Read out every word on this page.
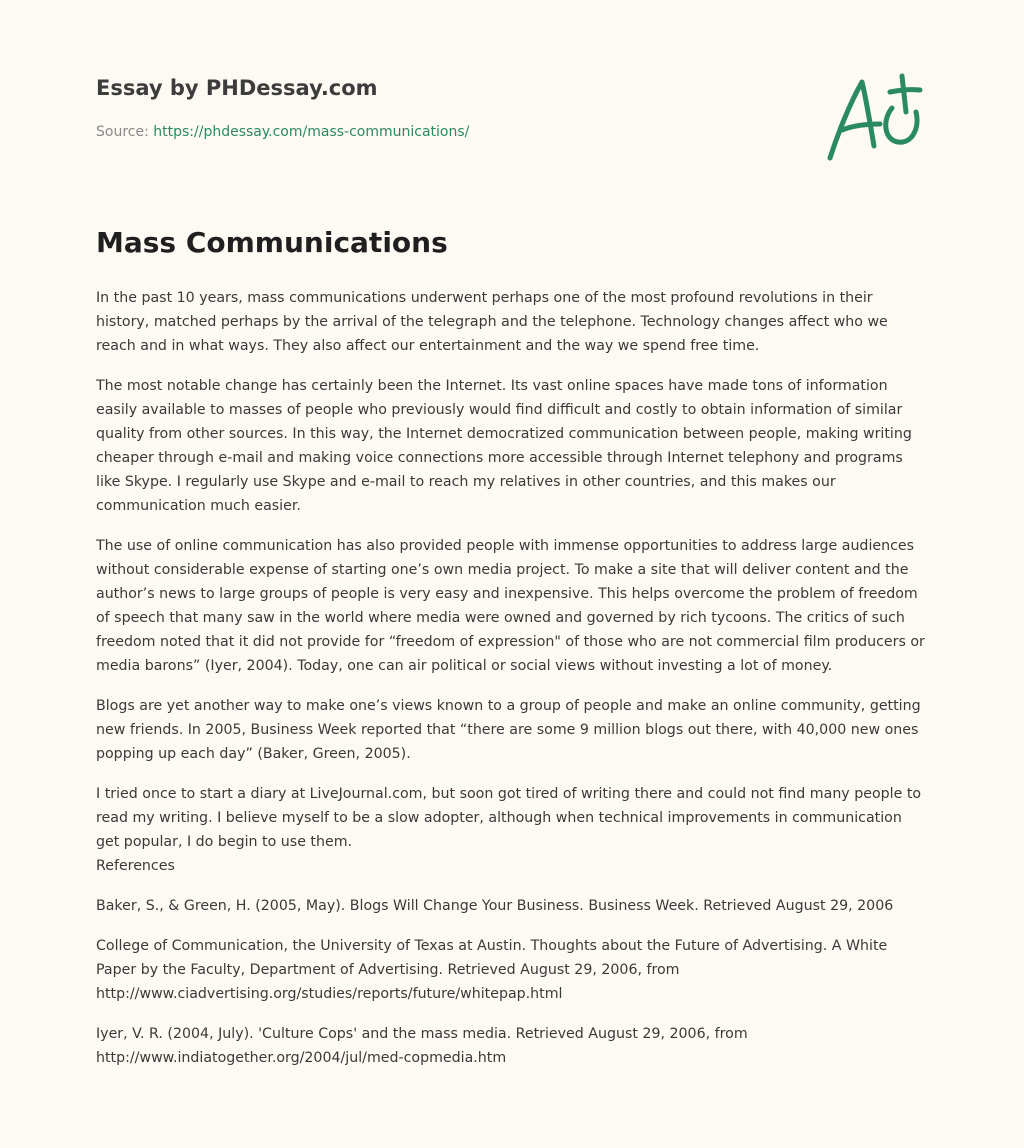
Essay by PHDessay.com
Source: https://phdessay.com/mass-communications/
Mass Communications

In the past 10 years, mass communications underwent perhaps one of the most profound revolutions in their history, matched perhaps by the arrival of the telegraph and the telephone. Technology changes affect who we reach and in what ways. They also affect our entertainment and the way we spend free time.

The most notable change has certainly been the Internet. Its vast online spaces have made tons of information easily available to masses of people who previously would find difficult and costly to obtain information of similar quality from other sources. In this way, the Internet democratized communication between people, making writing cheaper through e-mail and making voice connections more accessible through Internet telephony and programs like Skype. I regularly use Skype and e-mail to reach my relatives in other countries, and this makes our communication much easier.

The use of online communication has also provided people with immense opportunities to address large audiences without considerable expense of starting one’s own media project. To make a site that will deliver content and the author’s news to large groups of people is very easy and inexpensive. This helps overcome the problem of freedom of speech that many saw in the world where media were owned and governed by rich tycoons. The critics of such freedom noted that it did not provide for “freedom of expression" of those who are not commercial film producers or media barons” (Iyer, 2004). Today, one can air political or social views without investing a lot of money.

Blogs are yet another way to make one’s views known to a group of people and make an online community, getting new friends. In 2005, Business Week reported that “there are some 9 million blogs out there, with 40,000 new ones popping up each day” (Baker, Green, 2005).

I tried once to start a diary at LiveJournal.com, but soon got tired of writing there and could not find many people to read my writing. I believe myself to be a slow adopter, although when technical improvements in communication get popular, I do begin to use them.

References

Baker, S., & Green, H. (2005, May). Blogs Will Change Your Business. Business Week. Retrieved August 29, 2006

College of Communication, the University of Texas at Austin. Thoughts about the Future of Advertising. A White Paper by the Faculty, Department of Advertising. Retrieved August 29, 2006, from http://www.ciadvertising.org/studies/reports/future/whitepap.html

Iyer, V. R. (2004, July). 'Culture Cops' and the mass media. Retrieved August 29, 2006, from http://www.indiatogether.org/2004/jul/med-copmedia.htm
